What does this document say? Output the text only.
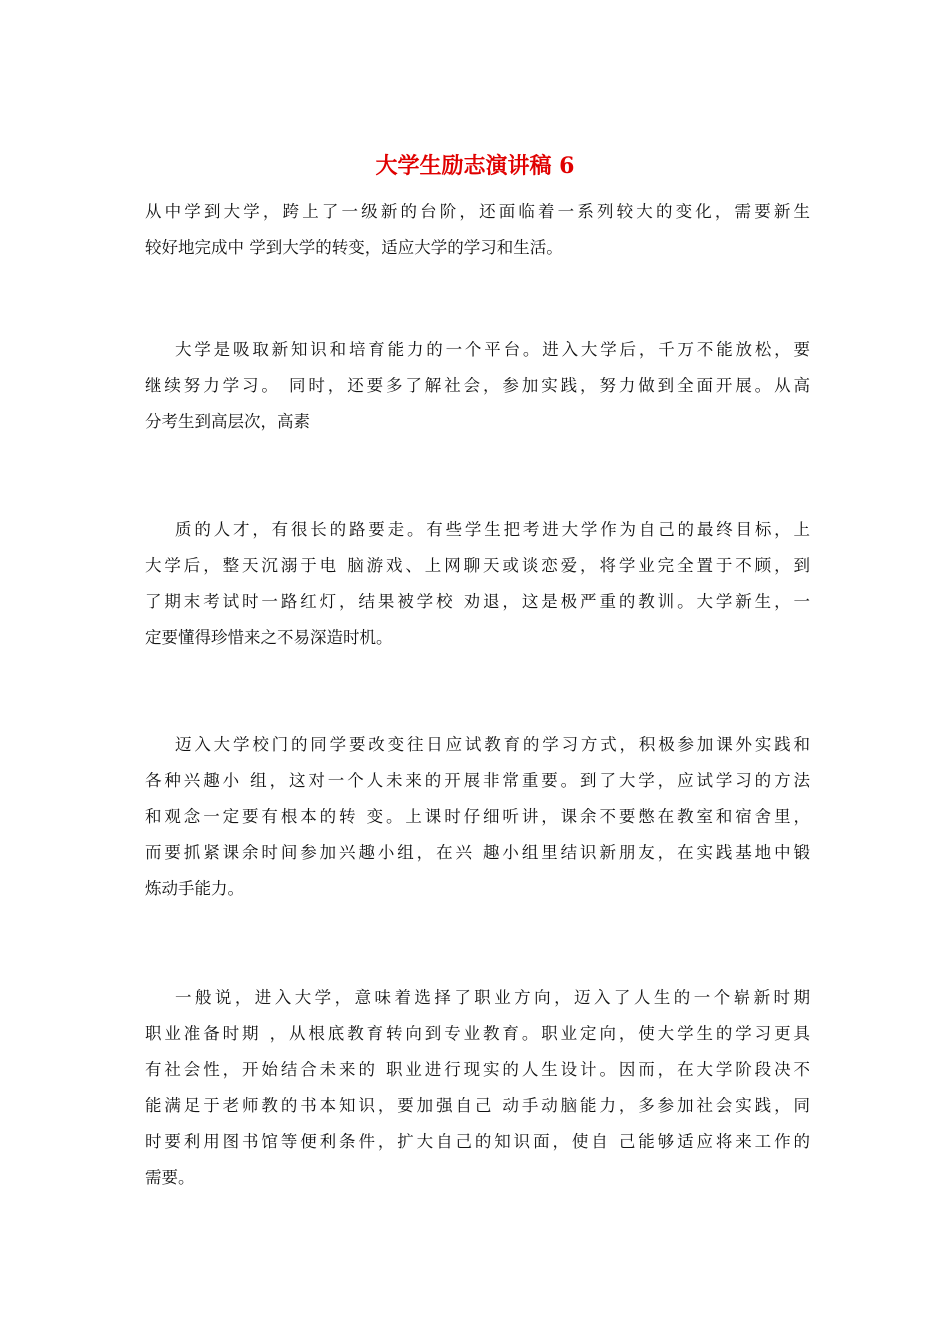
大学生励志演讲稿 6

从中学到大学，跨上了一级新的台阶，还面临着一系列较大的变化，需要新生
较好地完成中 学到大学的转变，适应大学的学习和生活。

大学是吸取新知识和培育能力的一个平台。进入大学后，千万不能放松，要
继续努力学习。 同时，还要多了解社会，参加实践，努力做到全面开展。从高
分考生到高层次，高素

质的人才，有很长的路要走。有些学生把考进大学作为自己的最终目标，上
大学后，整天沉溺于电 脑游戏、上网聊天或谈恋爱，将学业完全置于不顾，到
了期末考试时一路红灯，结果被学校 劝退，这是极严重的教训。大学新生，一
定要懂得珍惜来之不易深造时机。

迈入大学校门的同学要改变往日应试教育的学习方式，积极参加课外实践和
各种兴趣小 组，这对一个人未来的开展非常重要。到了大学，应试学习的方法
和观念一定要有根本的转 变。上课时仔细听讲，课余不要憋在教室和宿舍里，
而要抓紧课余时间参加兴趣小组，在兴 趣小组里结识新朋友，在实践基地中锻
炼动手能力。

一般说，进入大学，意味着选择了职业方向，迈入了人生的一个崭新时期
职业准备时期 ，从根底教育转向到专业教育。职业定向，使大学生的学习更具
有社会性，开始结合未来的 职业进行现实的人生设计。因而，在大学阶段决不
能满足于老师教的书本知识，要加强自己 动手动脑能力，多参加社会实践，同
时要利用图书馆等便利条件，扩大自己的知识面，使自 己能够适应将来工作的
需要。
